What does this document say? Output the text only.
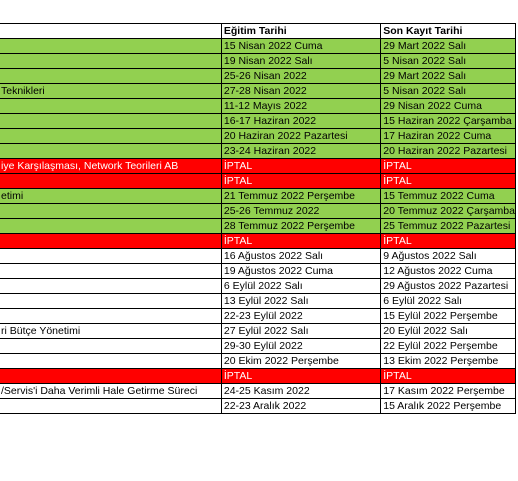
	Eğitim Tarihi	Son Kayıt Tarihi
	15 Nisan 2022 Cuma	29 Mart 2022 Salı
	19 Nisan 2022 Salı	5 Nisan 2022 Salı
	25-26 Nisan 2022	29 Mart 2022 Salı
Teknikleri	27-28 Nisan 2022	5 Nisan 2022 Salı
	11-12 Mayıs 2022	29 Nisan 2022 Cuma
	16-17 Haziran 2022	15 Haziran 2022 Çarşamba
	20 Haziran 2022 Pazartesi	17 Haziran 2022 Cuma
	23-24 Haziran 2022	20 Haziran 2022 Pazartesi
iye Karşılaşması, Network Teorileri AB	İPTAL	İPTAL
	İPTAL	İPTAL
etimi	21 Temmuz 2022 Perşembe	15 Temmuz 2022 Cuma
	25-26 Temmuz 2022	20 Temmuz 2022 Çarşamba
	28 Temmuz 2022 Perşembe	25 Temmuz 2022 Pazartesi
	İPTAL	İPTAL
	16 Ağustos 2022 Salı	9 Ağustos 2022 Salı
	19 Ağustos 2022 Cuma	12 Ağustos 2022 Cuma
	6 Eylül 2022 Salı	29 Ağustos 2022 Pazartesi
	13 Eylül 2022 Salı	6 Eylül 2022 Salı
	22-23 Eylül 2022	15 Eylül 2022 Perşembe
ri Bütçe Yönetimi	27 Eylül 2022 Salı	20 Eylül 2022 Salı
	29-30 Eylül 2022	22 Eylül 2022 Perşembe
	20 Ekim 2022 Perşembe	13 Ekim 2022 Perşembe
	İPTAL	İPTAL
/Servis'i Daha Verimli Hale Getirme Süreci	24-25 Kasım 2022	17 Kasım 2022 Perşembe
	22-23 Aralık 2022	15 Aralık 2022 Perşembe
